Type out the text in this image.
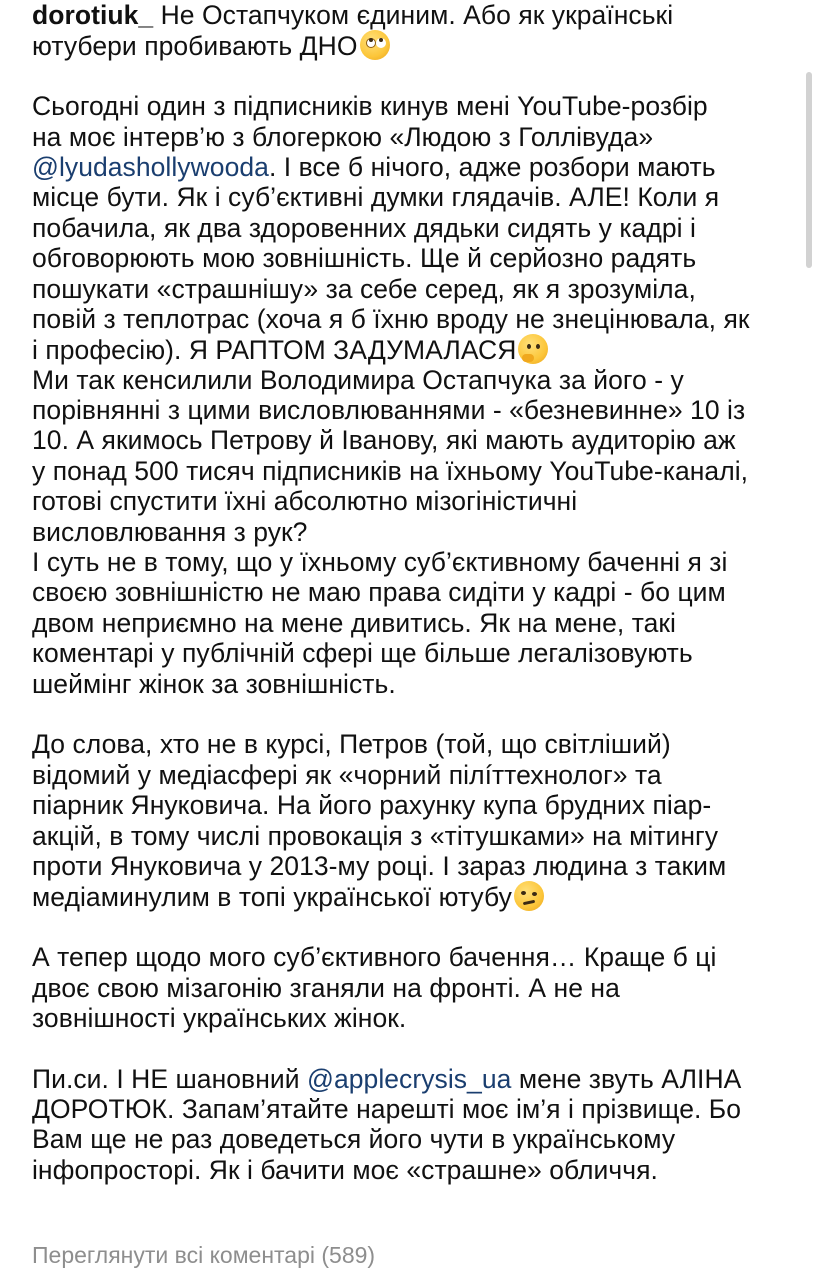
dorotiuk_ Не Остапчуком єдиним. Або як українські
ютубери пробивають ДНО
Сьогодні один з підписників кинув мені YouTube-розбір
на моє інтерв’ю з блогеркою «Людою з Голлівуда»
@lyudashollywooda. І все б нічого, адже розбори мають
місце бути. Як і суб’єктивні думки глядачів. АЛЕ! Коли я
побачила, як два здоровенних дядьки сидять у кадрі і
обговорюють мою зовнішність. Ще й серйозно радять
пошукати «страшнішу» за себе серед, як я зрозуміла,
повій з теплотрас (хоча я б їхню вроду не знецінювала, як
і професію). Я РАПТОМ ЗАДУМАЛАСЯ
Ми так кенсилили Володимира Остапчука за його - у
порівнянні з цими висловлюваннями - «безневинне» 10 із
10. А якимось Петрову й Іванову, які мають аудиторію аж
у понад 500 тисяч підписників на їхньому YouTube-каналі,
готові спустити їхні абсолютно мізогіністичні
висловлювання з рук?
І суть не в тому, що у їхньому суб’єктивному баченні я зі
своєю зовнішністю не маю права сидіти у кадрі - бо цим
двом неприємно на мене дивитись. Як на мене, такі
коментарі у публічній сфері ще більше легалізовують
шеймінг жінок за зовнішність.
До слова, хто не в курсі, Петров (той, що світліший)
відомий у медіасфері як «чорний пілíттехнолог» та
піарник Януковича. На його рахунку купа брудних піар-
акцій, в тому числі провокація з «тітушками» на мітингу
проти Януковича у 2013-му році. І зараз людина з таким
медіаминулим в топі української ютубу
А тепер щодо мого суб’єктивного бачення… Краще б ці
двоє свою мізагонію зганяли на фронті. А не на
зовнішності українських жінок.
Пи.си. І НЕ шановний @applecrysis_ua мене звуть АЛІНА
ДОРОТЮК. Запам’ятайте нарешті моє ім’я і прізвище. Бо
Вам ще не раз доведеться його чути в українському
інфопросторі. Як і бачити моє «страшне» обличчя.
Переглянути всі коментарі (589)
